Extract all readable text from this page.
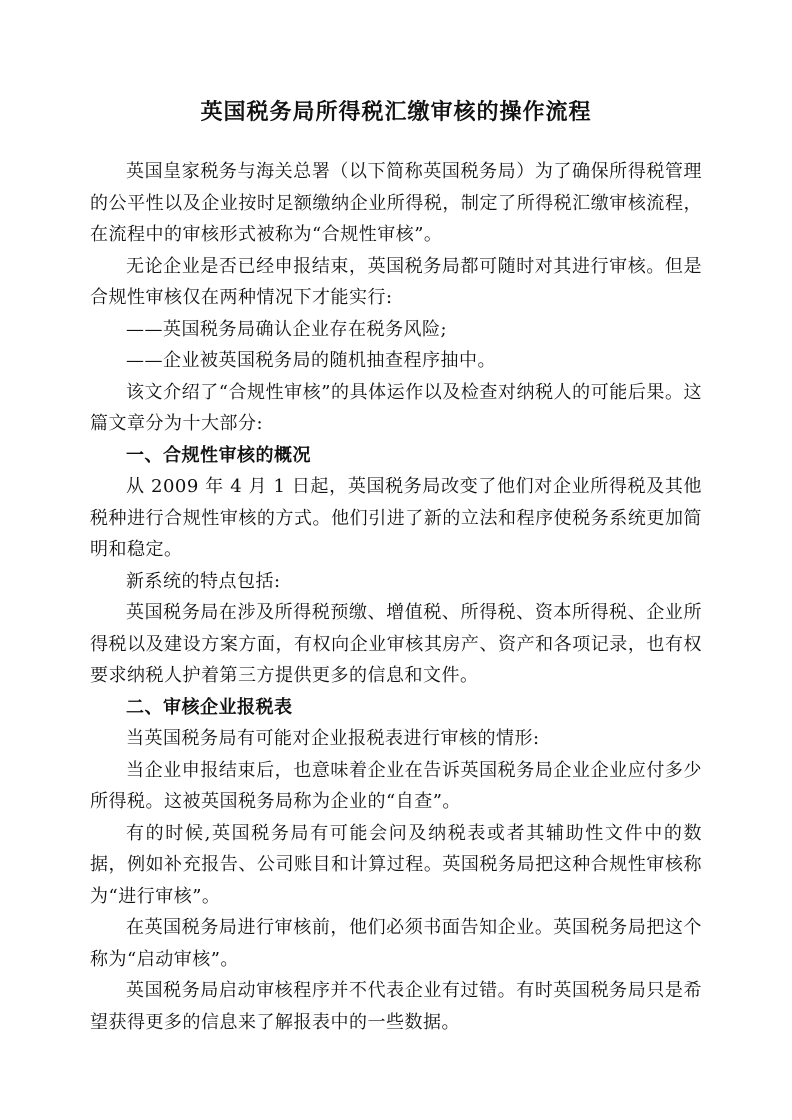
英国税务局所得税汇缴审核的操作流程

英国皇家税务与海关总署（以下简称英国税务局）为了确保所得税管理的公平性以及企业按时足额缴纳企业所得税，制定了所得税汇缴审核流程，在流程中的审核形式被称为“合规性审核”。

无论企业是否已经申报结束，英国税务局都可随时对其进行审核。但是合规性审核仅在两种情况下才能实行:

——英国税务局确认企业存在税务风险;

——企业被英国税务局的随机抽查程序抽中。

该文介绍了“合规性审核”的具体运作以及检查对纳税人的可能后果。这篇文章分为十大部分:

一、合规性审核的概况

从 2009 年 4 月 1 日起，英国税务局改变了他们对企业所得税及其他税种进行合规性审核的方式。他们引进了新的立法和程序使税务系统更加简明和稳定。

新系统的特点包括:

英国税务局在涉及所得税预缴、增值税、所得税、资本所得税、企业所得税以及建设方案方面，有权向企业审核其房产、资产和各项记录，也有权要求纳税人护着第三方提供更多的信息和文件。

二、审核企业报税表

当英国税务局有可能对企业报税表进行审核的情形:

当企业申报结束后，也意味着企业在告诉英国税务局企业企业应付多少所得税。这被英国税务局称为企业的“自查”。

有的时候,英国税务局有可能会问及纳税表或者其辅助性文件中的数据，例如补充报告、公司账目和计算过程。英国税务局把这种合规性审核称为“进行审核”。

在英国税务局进行审核前，他们必须书面告知企业。英国税务局把这个称为“启动审核”。

英国税务局启动审核程序并不代表企业有过错。有时英国税务局只是希望获得更多的信息来了解报表中的一些数据。
